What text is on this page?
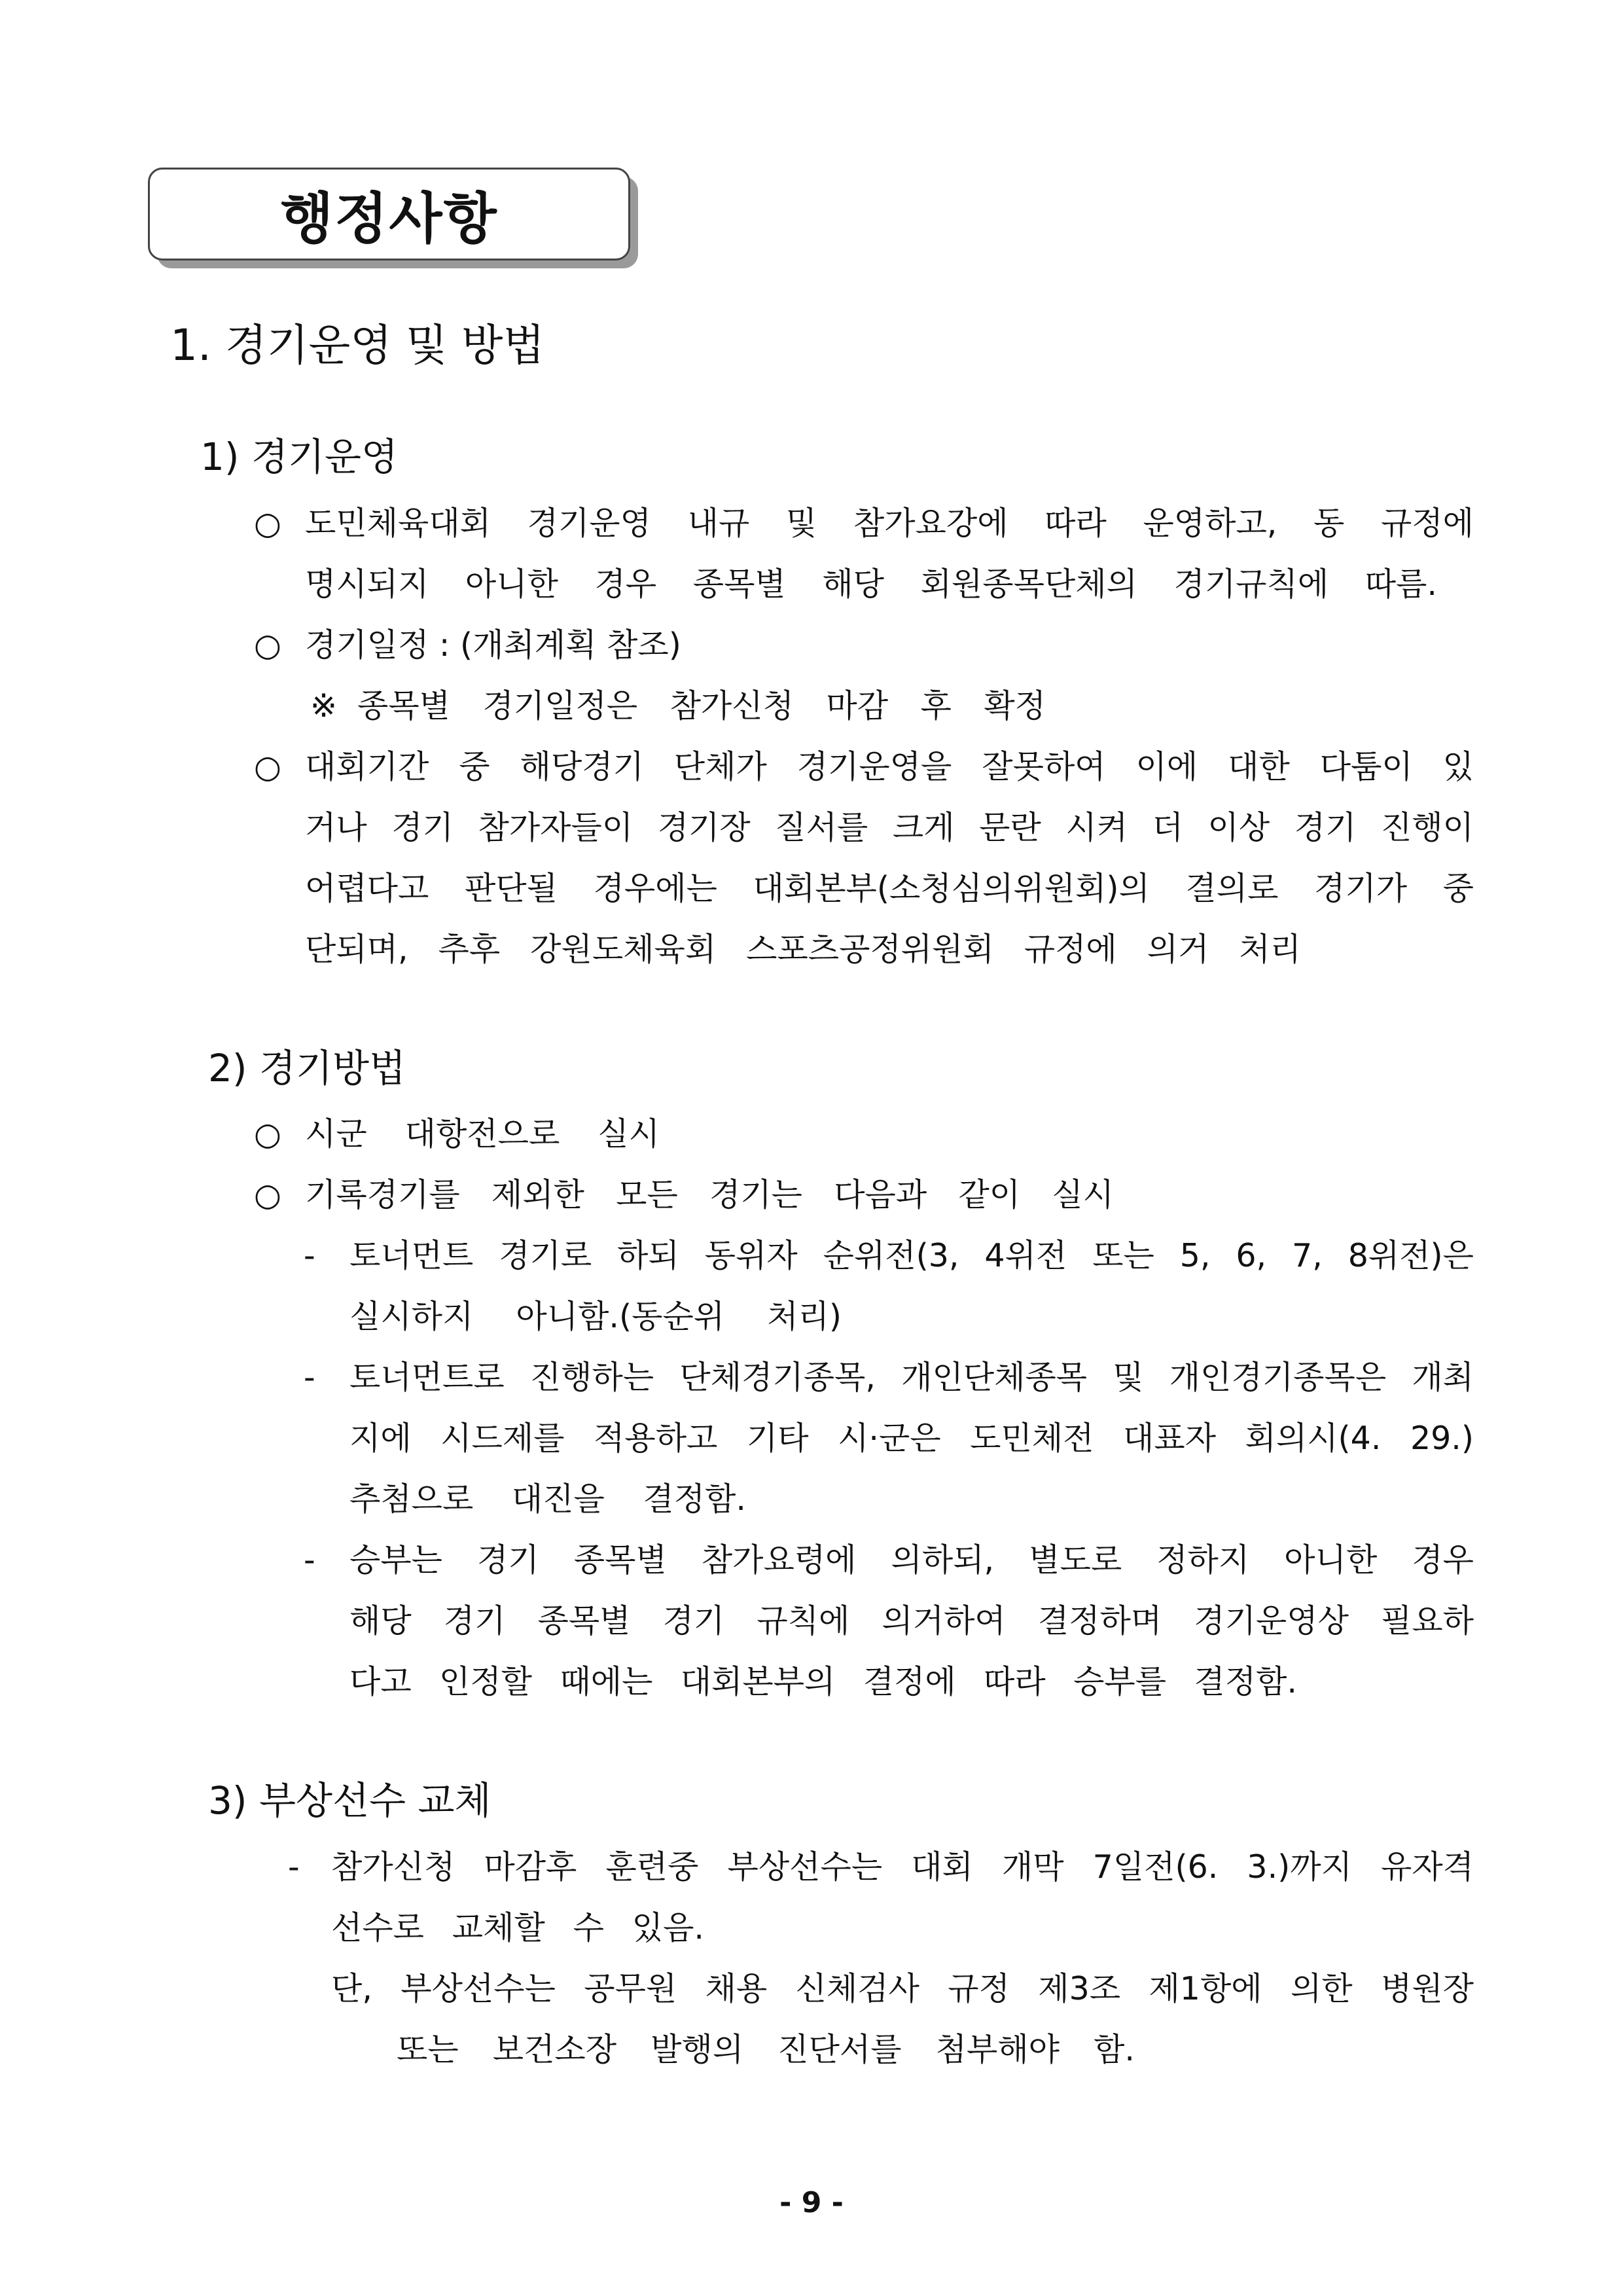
행정사항
1. 경기운영 및 방법
1) 경기운영
○ 도민체육대회 경기운영 내규 및 참가요강에 따라 운영하고, 동 규정에
명시되지 아니한 경우 종목별 해당 회원종목단체의 경기규칙에 따름.
○ 경기일정 : (개최계획 참조)
※ 종목별 경기일정은 참가신청 마감 후 확정
○ 대회기간 중 해당경기 단체가 경기운영을 잘못하여 이에 대한 다툼이 있
거나 경기 참가자들이 경기장 질서를 크게 문란 시켜 더 이상 경기 진행이
어렵다고 판단될 경우에는 대회본부(소청심의위원회)의 결의로 경기가 중
단되며, 추후 강원도체육회 스포츠공정위원회 규정에 의거 처리
2) 경기방법
○ 시군 대항전으로 실시
○ 기록경기를 제외한 모든 경기는 다음과 같이 실시
- 토너먼트 경기로 하되 동위자 순위전(3, 4위전 또는 5, 6, 7, 8위전)은
실시하지 아니함.(동순위 처리)
- 토너먼트로 진행하는 단체경기종목, 개인단체종목 및 개인경기종목은 개최
지에 시드제를 적용하고 기타 시·군은 도민체전 대표자 회의시(4. 29.)
추첨으로 대진을 결정함.
- 승부는 경기 종목별 참가요령에 의하되, 별도로 정하지 아니한 경우
해당 경기 종목별 경기 규칙에 의거하여 결정하며 경기운영상 필요하
다고 인정할 때에는 대회본부의 결정에 따라 승부를 결정함.
3) 부상선수 교체
- 참가신청 마감후 훈련중 부상선수는 대회 개막 7일전(6. 3.)까지 유자격
선수로 교체할 수 있음.
단, 부상선수는 공무원 채용 신체검사 규정 제3조 제1항에 의한 병원장
또는 보건소장 발행의 진단서를 첨부해야 함.
- 9 -
